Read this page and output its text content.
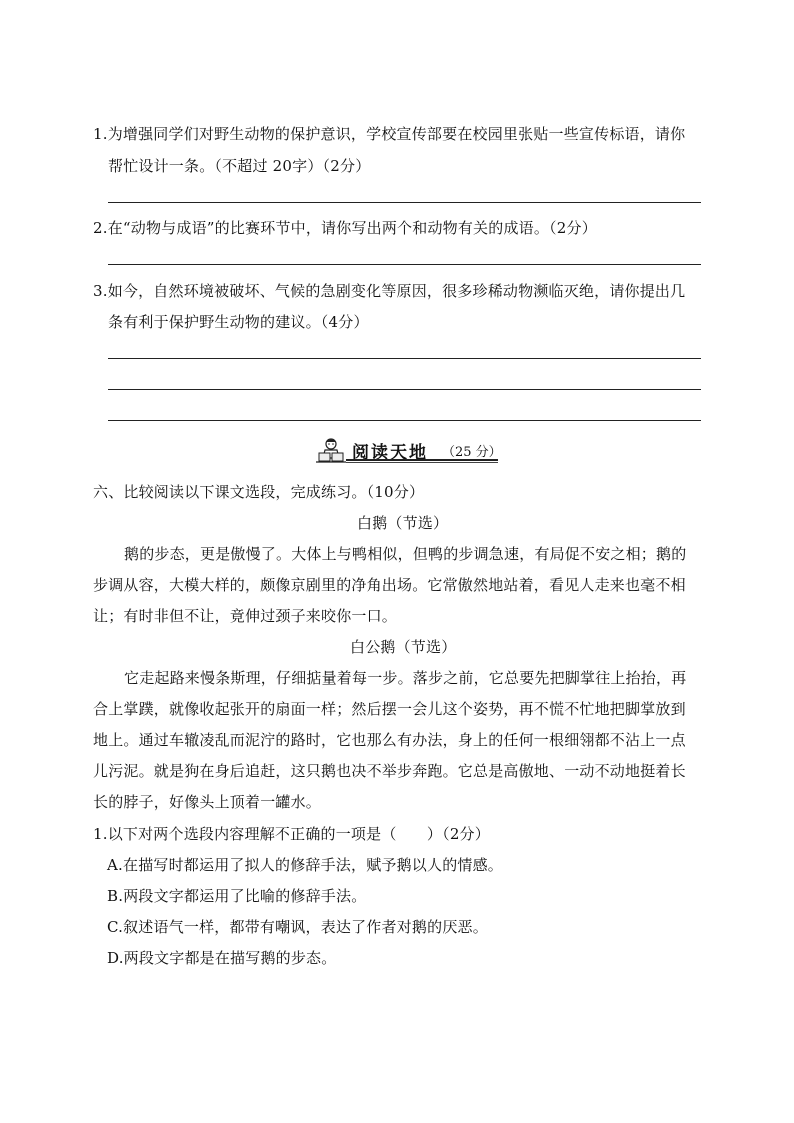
1.为增强同学们对野生动物的保护意识，学校宣传部要在校园里张贴一些宣传标语，请你
帮忙设计一条。（不超过 20字）（2分）
2.在“动物与成语”的比赛环节中，请你写出两个和动物有关的成语。（2分）
3.如今，自然环境被破坏、气候的急剧变化等原因，很多珍稀动物濒临灭绝，请你提出几
条有利于保护野生动物的建议。（4分）
阅读天地 （25 分）
六、比较阅读以下课文选段，完成练习。（10分）
白鹅（节选）
鹅的步态，更是傲慢了。大体上与鸭相似，但鸭的步调急速，有局促不安之相；鹅的
步调从容，大模大样的，颇像京剧里的净角出场。它常傲然地站着，看见人走来也毫不相
让；有时非但不让，竟伸过颈子来咬你一口。
白公鹅（节选）
它走起路来慢条斯理，仔细掂量着每一步。落步之前，它总要先把脚掌往上抬抬，再
合上掌蹼，就像收起张开的扇面一样；然后摆一会儿这个姿势，再不慌不忙地把脚掌放到
地上。通过车辙凌乱而泥泞的路时，它也那么有办法，身上的任何一根细翎都不沾上一点
儿污泥。就是狗在身后追赶，这只鹅也决不举步奔跑。它总是高傲地、一动不动地挺着长
长的脖子，好像头上顶着一罐水。
1.以下对两个选段内容理解不正确的一项是（　　）（2分）
A.在描写时都运用了拟人的修辞手法，赋予鹅以人的情感。
B.两段文字都运用了比喻的修辞手法。
C.叙述语气一样，都带有嘲讽，表达了作者对鹅的厌恶。
D.两段文字都是在描写鹅的步态。
